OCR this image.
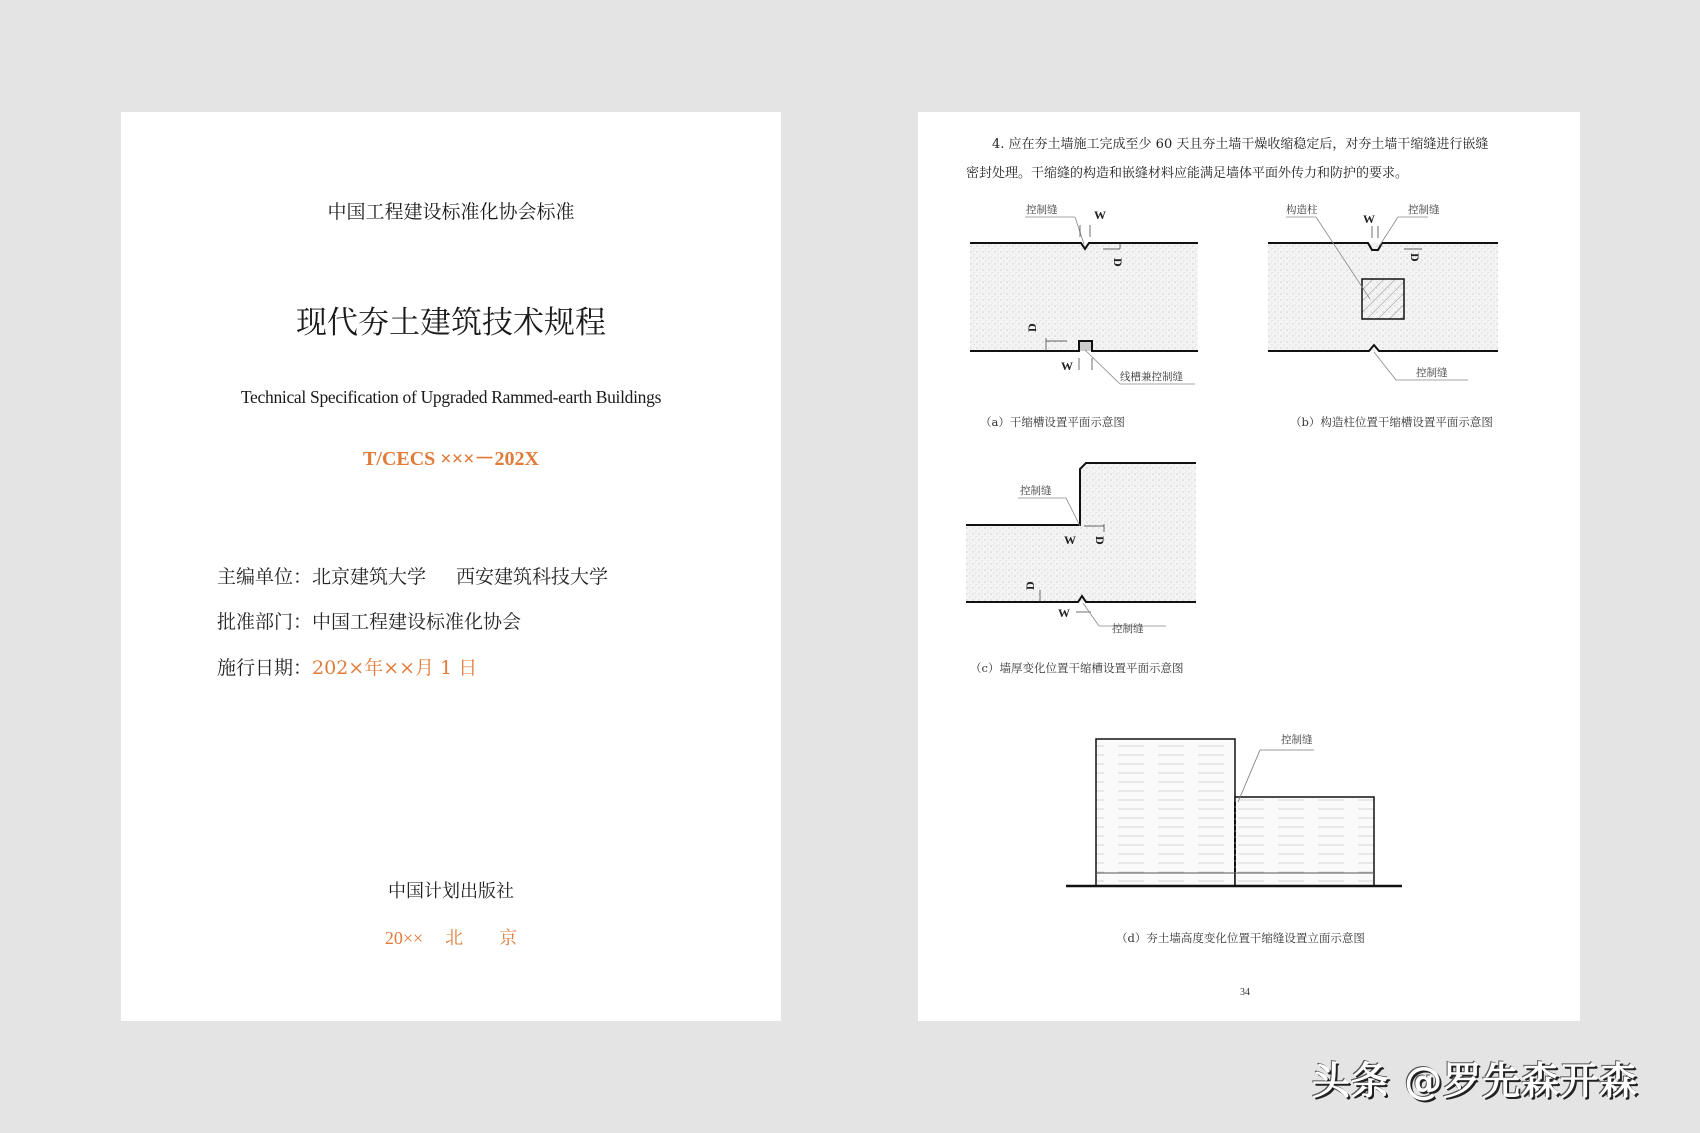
中国工程建设标准化协会标准
现代夯土建筑技术规程
Technical Specification of Upgraded Rammed-earth Buildings
T/CECS ×××－202X
主编单位：北京建筑大学 西安建筑科技大学
批准部门：中国工程建设标准化协会
施行日期：202×年××月 1 日
中国计划出版社
20×× 北 京
4. 应在夯土墙施工完成至少 60 天且夯土墙干燥收缩稳定后，对夯土墙干缩缝进行嵌缝
密封处理。干缩缝的构造和嵌缝材料应能满足墙体平面外传力和防护的要求。
控制缝	W
D
D
W
线槽兼控制缝
构造柱
W
控制缝
D
控制缝
控制缝
W D
D
W
控制缝
控制缝
（a）干缩槽设置平面示意图	（b）构造柱位置干缩槽设置平面示意图
（c）墙厚变化位置干缩槽设置平面示意图
（d）夯土墙高度变化位置干缩缝设置立面示意图
34
头条 @罗先森开森
